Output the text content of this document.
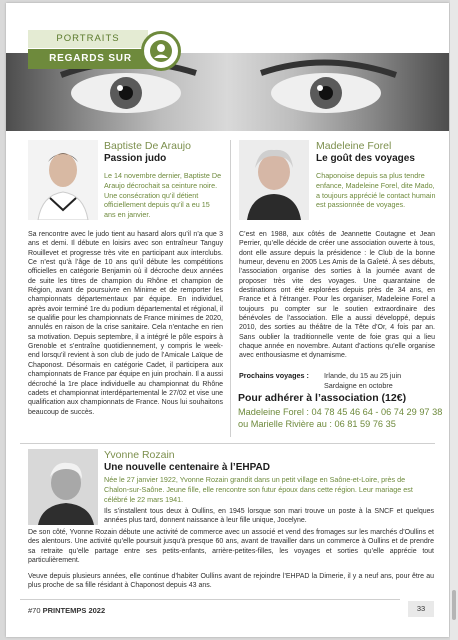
PORTRAITS
REGARDS SUR
Baptiste De Araujo
Passion judo
Le 14 novembre dernier, Baptiste De Araujo décrochait sa ceinture noire. Une consécration qu’il détient officiellement depuis qu’il a eu 15 ans en janvier.
Sa rencontre avec le judo tient au hasard alors qu’il n’a que 3 ans et demi. Il débute en loisirs avec son entraîneur Tanguy Rouillevet et progresse très vite en participant aux interclubs. Ce n’est qu’à l’âge de 10 ans qu’il débute les compétitions officielles en catégorie Benjamin où il décroche deux années de suite les titres de champion du Rhône et champion de Région, avant de poursuivre en Minime et de remporter les championnats départementaux par équipe. En individuel, après avoir terminé 1re du podium départemental et régional, il se qualifie pour les championnats de France minimes de 2020, annulés en raison de la crise sanitaire. Cela n’entache en rien sa motivation. Depuis septembre, il a intégré le pôle espoirs à Grenoble et s’entraîne quotidiennement, y compris le week-end lorsqu’il revient à son club de judo de l’Amicale Laïque de Chaponost. Désormais en catégorie Cadet, il participera aux championnats de France par équipe en juin prochain. Il a aussi décroché la 1re place individuelle au championnat du Rhône cadets et championnat interdépartemental le 27/02 et vise une qualification aux championnats de France. Nous lui souhaitons beaucoup de succès.
Madeleine Forel
Le goût des voyages
Chaponoise depuis sa plus tendre enfance, Madeleine Forel, dite Mado, a toujours apprécié le contact humain est passionnée de voyages.
C’est en 1988, aux côtés de Jeannette Coutagne et Jean Perrier, qu’elle décide de créer une association ouverte à tous, dont elle assure depuis la présidence : le Club de la bonne humeur, devenu en 2005 Les Amis de la Gaîeté. À ses débuts, l’association organise des sorties à la journée avant de proposer très vite des voyages. Une quarantaine de destinations ont été explorées depuis près de 34 ans, en France et à l’étranger. Pour les organiser, Madeleine Forel a toujours pu compter sur le soutien extraordinaire des bénévoles de l’association. Elle a aussi développé, depuis 2010, des sorties au théâtre de la Tête d’Or, 4 fois par an. Sans oublier la traditionnelle vente de foie gras qui a lieu chaque année en novembre. Autant d’actions qu’elle organise avec enthousiasme et dynamisme.
Prochains voyages : Irlande, du 15 au 25 juin
Sardaigne en octobre
Pour adhérer à l’association (12€)
Madeleine Forel : 04 78 45 46 64 - 06 74 29 97 38
ou Marielle Rivière au : 06 81 59 76 35
Yvonne Rozain
Une nouvelle centenaire à l’EHPAD
Née le 27 janvier 1922, Yvonne Rozain grandit dans un petit village en Saône-et-Loire, près de Chalon-sur-Saône. Jeune fille, elle rencontre son futur époux dans cette région. Leur mariage est célébré le 22 mars 1941.
Ils s’installent tous deux à Oullins, en 1945 lorsque son mari trouve un poste à la SNCF et quelques années plus tard, donnent naissance à leur fille unique, Jocelyne.
De son côté, Yvonne Rozain débute une activité de commerce avec un associé et vend des fromages sur les marchés d’Oullins et des alentours. Une activité qu’elle poursuit jusqu’à presque 60 ans, avant de travailler dans un commerce à Oullins et de prendre sa retraite qu’elle partage entre ses petits-enfants, arrière-petites-filles, les voyages et sorties qu’elle apprécie tout particulièrement.
Veuve depuis plusieurs années, elle continue d’habiter Oullins avant de rejoindre l’EHPAD la Dimerie, il y a neuf ans, pour être au plus proche de sa fille résidant à Chaponost depuis 43 ans.
#70 PRINTEMPS 2022	33
